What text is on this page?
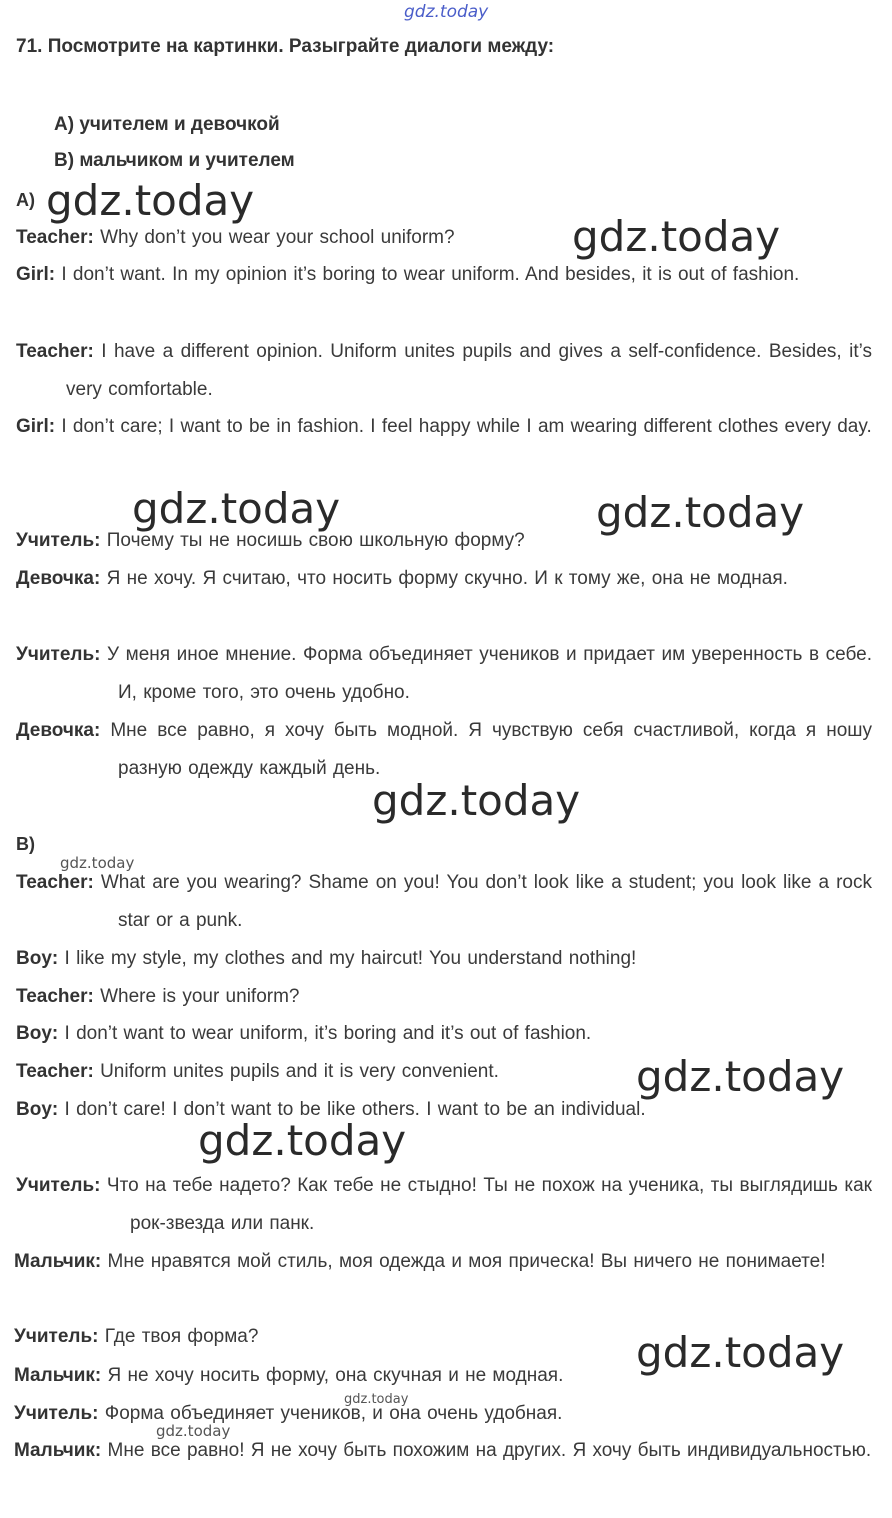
gdz.today
gdz.today
gdz.today
gdz.today	gdz.today
gdz.today
gdz.today
gdz.today
gdz.today
gdz.today
gdz.today
gdz.today
71. Посмотрите на картинки. Разыграйте диалоги между:
А) учителем и девочкой
В) мальчиком и учителем
А)
Teacher: Why don’t you wear your school uniform?
Girl: I don’t want. In my opinion it’s boring to wear uniform. And besides, it is out of fashion.
Teacher: I have a different opinion. Uniform unites pupils and gives a self-confidence. Besides, it’s very comfortable.
Girl: I don’t care; I want to be in fashion. I feel happy while I am wearing different clothes every day.
Учитель: Почему ты не носишь свою школьную форму?
Девочка: Я не хочу. Я считаю, что носить форму скучно. И к тому же, она не модная.
Учитель: У меня иное мнение. Форма объединяет учеников и придает им уверенность в себе. И, кроме того, это очень удобно.
Девочка: Мне все равно, я хочу быть модной. Я чувствую себя счастливой, когда я ношу разную одежду каждый день.
В)
Teacher: What are you wearing? Shame on you! You don’t look like a student; you look like a rock star or a punk.
Boy: I like my style, my clothes and my haircut! You understand nothing!
Teacher: Where is your uniform?
Boy: I don’t want to wear uniform, it’s boring and it’s out of fashion.
Teacher: Uniform unites pupils and it is very convenient.
Boy: I don’t care! I don’t want to be like others. I want to be an individual.
Учитель: Что на тебе надето? Как тебе не стыдно! Ты не похож на ученика, ты выглядишь как рок-звезда или панк.
Мальчик: Мне нравятся мой стиль, моя одежда и моя прическа! Вы ничего не понимаете!
Учитель: Где твоя форма?
Мальчик: Я не хочу носить форму, она скучная и не модная.
Учитель: Форма объединяет учеников, и она очень удобная.
Мальчик: Мне все равно! Я не хочу быть похожим на других. Я хочу быть индивидуальностью.
